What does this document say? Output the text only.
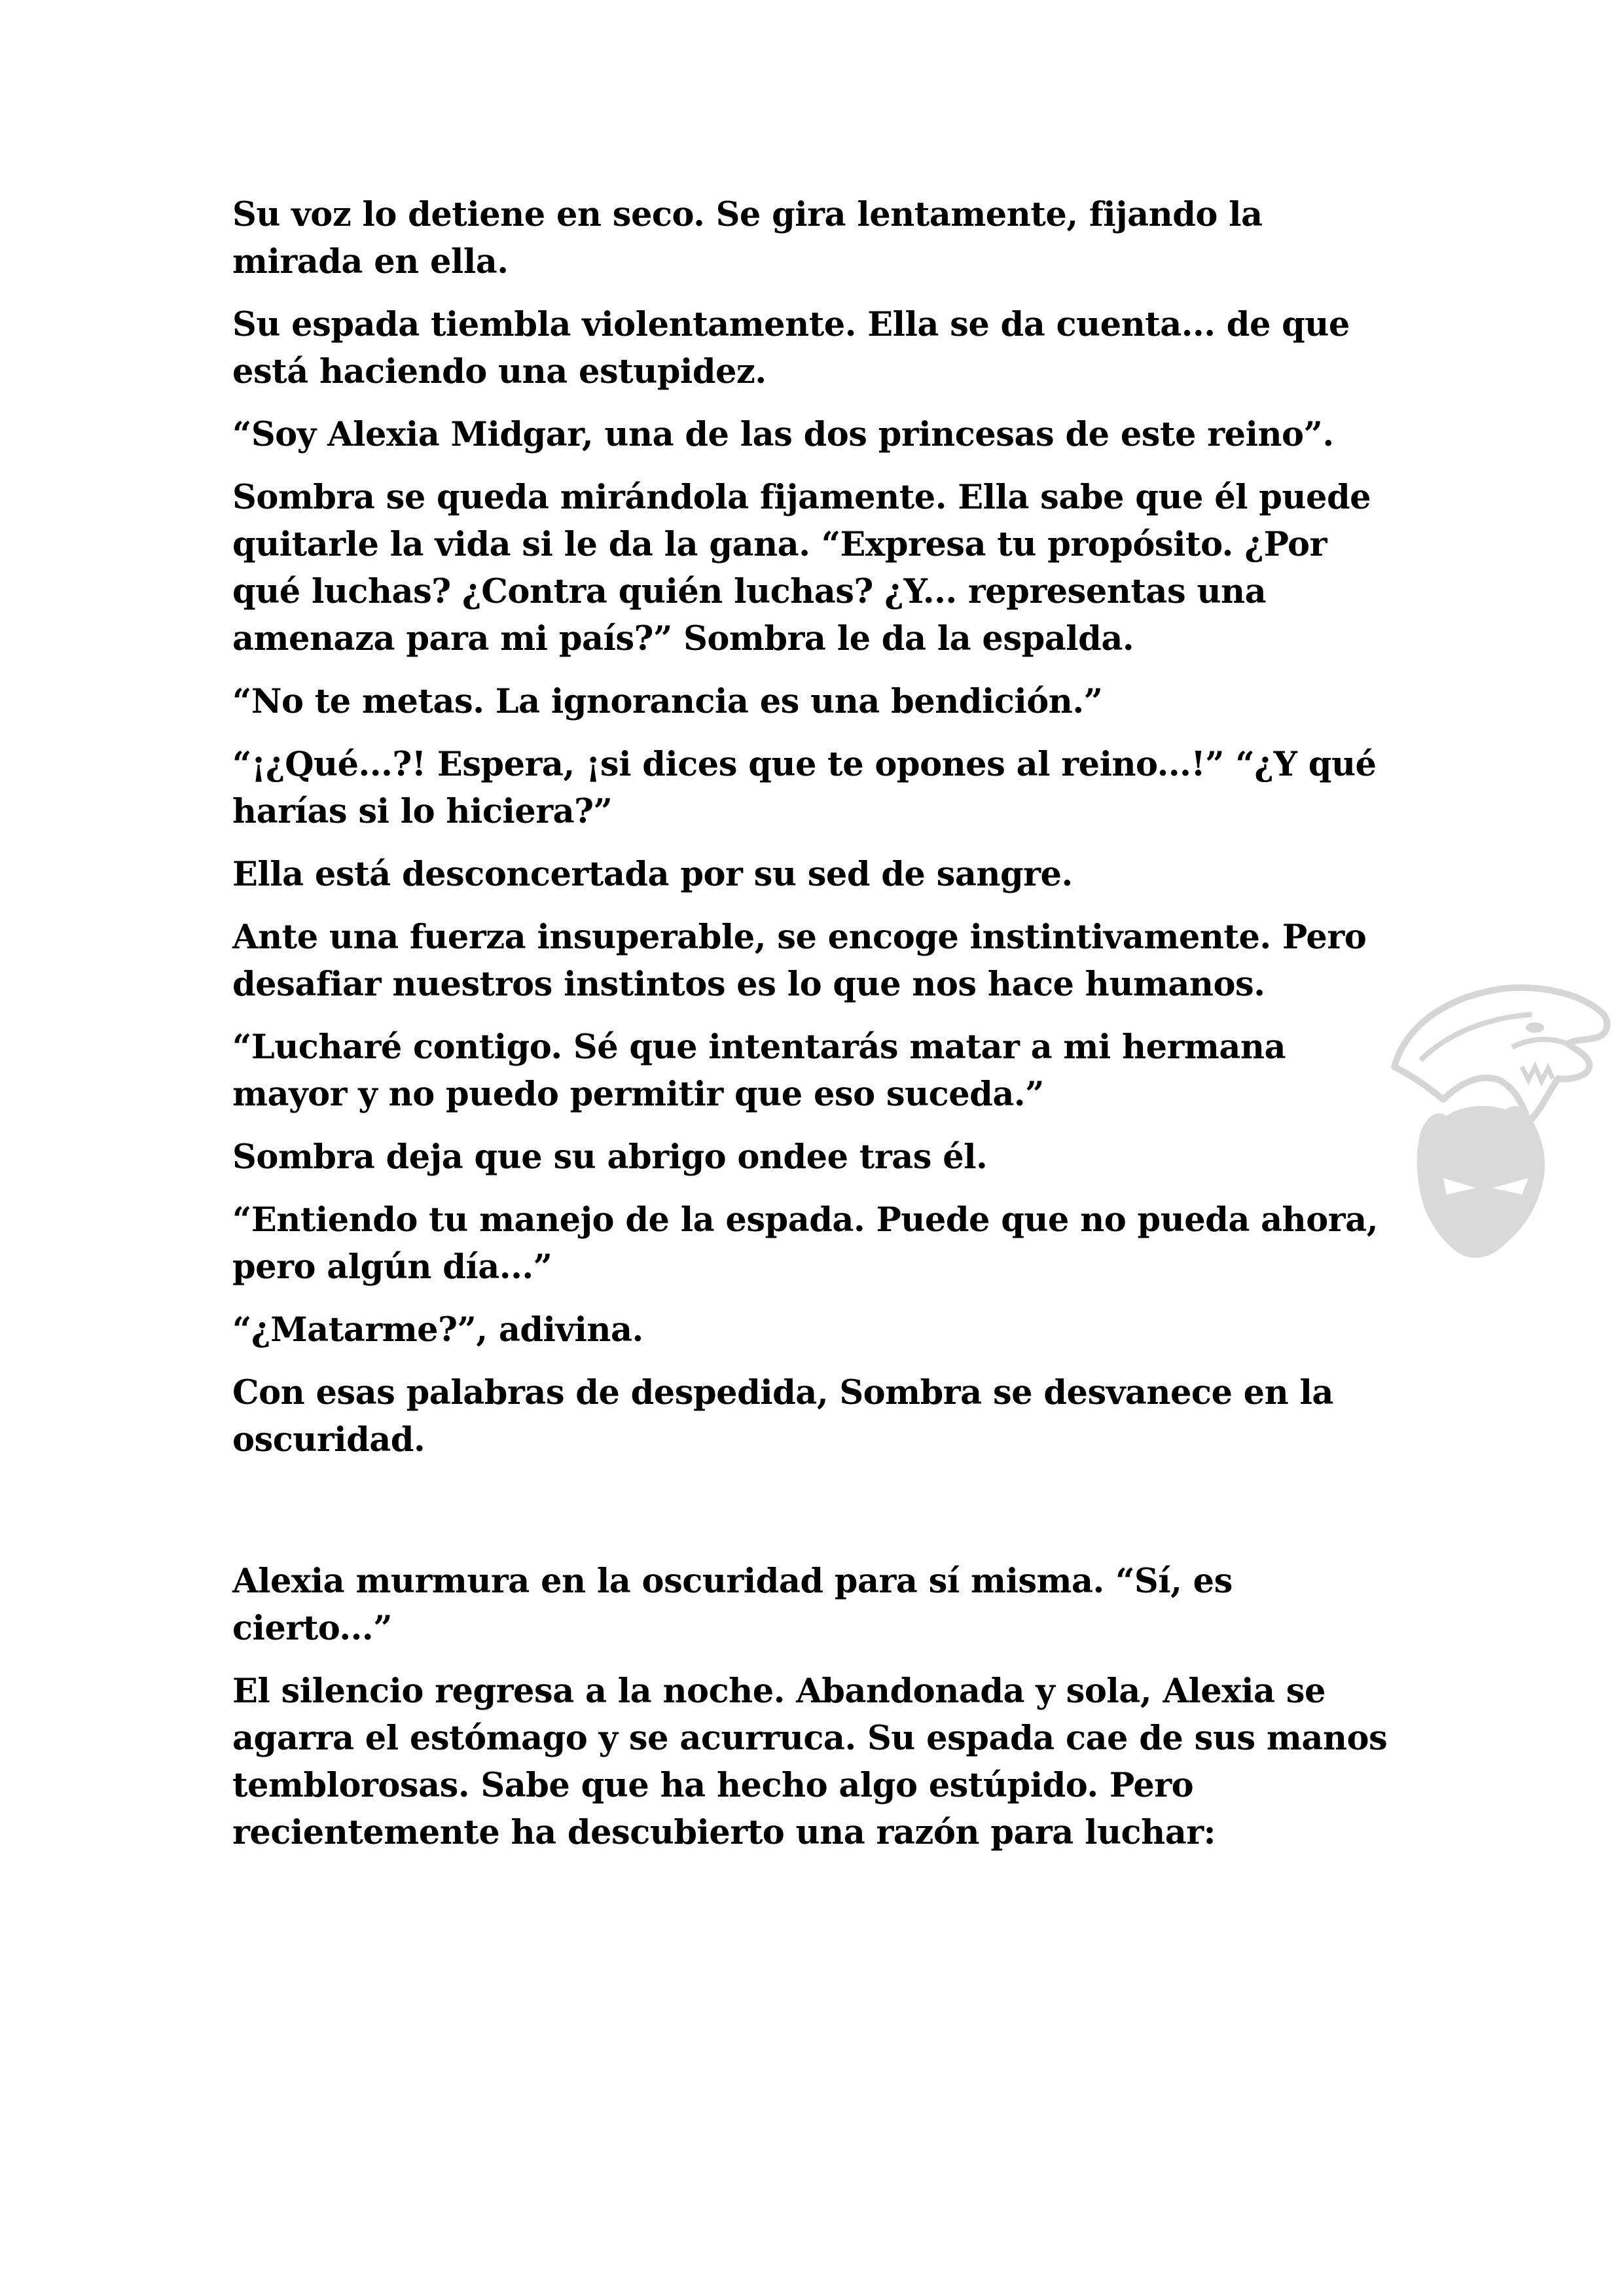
Su voz lo detiene en seco. Se gira lentamente, fijando la mirada en ella.

Su espada tiembla violentamente. Ella se da cuenta... de que está haciendo una estupidez.

“Soy Alexia Midgar, una de las dos princesas de este reino”.

Sombra se queda mirándola fijamente. Ella sabe que él puede quitarle la vida si le da la gana. “Expresa tu propósito. ¿Por qué luchas? ¿Contra quién luchas? ¿Y... representas una amenaza para mi país?” Sombra le da la espalda.

“No te metas. La ignorancia es una bendición.”

“¡¿Qué...?! Espera, ¡si dices que te opones al reino...!” “¿Y qué harías si lo hiciera?”

Ella está desconcertada por su sed de sangre.

Ante una fuerza insuperable, se encoge instintivamente. Pero desafiar nuestros instintos es lo que nos hace humanos.

“Lucharé contigo. Sé que intentarás matar a mi hermana mayor y no puedo permitir que eso suceda.”

Sombra deja que su abrigo ondee tras él.

“Entiendo tu manejo de la espada. Puede que no pueda ahora, pero algún día...”

“¿Matarme?”, adivina.

Con esas palabras de despedida, Sombra se desvanece en la oscuridad.

Alexia murmura en la oscuridad para sí misma. “Sí, es cierto...”

El silencio regresa a la noche. Abandonada y sola, Alexia se agarra el estómago y se acurruca. Su espada cae de sus manos temblorosas. Sabe que ha hecho algo estúpido. Pero recientemente ha descubierto una razón para luchar:
